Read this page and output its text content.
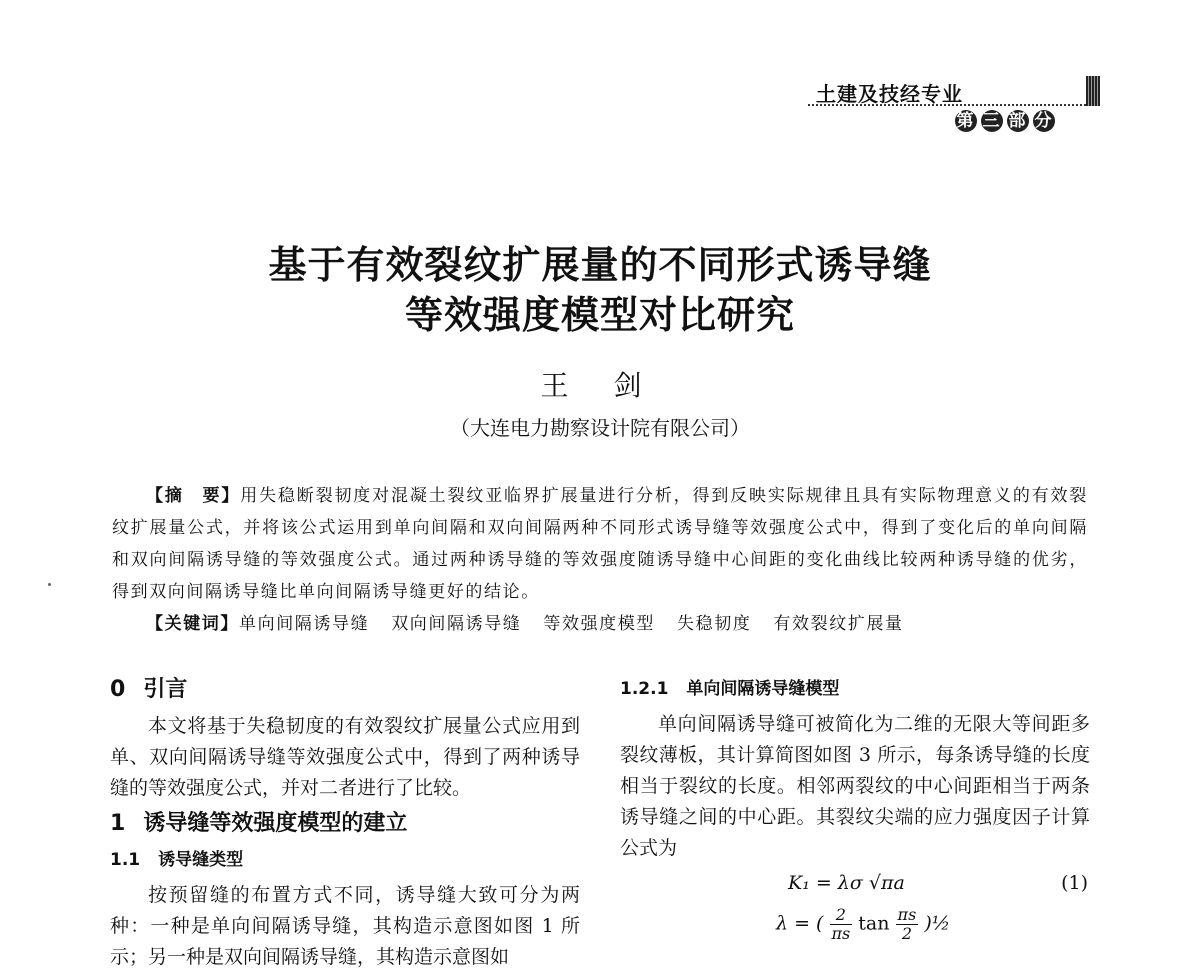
土建及技经专业
第 三 部 分
基于有效裂纹扩展量的不同形式诱导缝
等效强度模型对比研究
王 剑
（大连电力勘察设计院有限公司）

【摘　要】用失稳断裂韧度对混凝土裂纹亚临界扩展量进行分析，得到反映实际规律且具有实际物理意义的有效裂纹扩展量公式，并将该公式运用到单向间隔和双向间隔两种不同形式诱导缝等效强度公式中，得到了变化后的单向间隔和双向间隔诱导缝的等效强度公式。通过两种诱导缝的等效强度随诱导缝中心间距的变化曲线比较两种诱导缝的优劣，得到双向间隔诱导缝比单向间隔诱导缝更好的结论。

【关键词】单向间隔诱导缝 双向间隔诱导缝 等效强度模型 失稳韧度 有效裂纹扩展量

0 引言

本文将基于失稳韧度的有效裂纹扩展量公式应用到单、双向间隔诱导缝等效强度公式中，得到了两种诱导缝的等效强度公式，并对二者进行了比较。

1 诱导缝等效强度模型的建立
1.1 诱导缝类型

按预留缝的布置方式不同，诱导缝大致可分为两种：一种是单向间隔诱导缝，其构造示意图如图 1 所示；另一种是双向间隔诱导缝，其构造示意图如

1.2.1 单向间隔诱导缝模型

单向间隔诱导缝可被简化为二维的无限大等间距多裂纹薄板，其计算简图如图 3 所示，每条诱导缝的长度相当于裂纹的长度。相邻两裂纹的中心间距相当于两条诱导缝之间的中心距。其裂纹尖端的应力强度因子计算公式为

K₁ = λσ √πa	(1)
λ = ( $\frac{2}{\pi s}$ $\tan \frac{\pi s}{2}$ )½
